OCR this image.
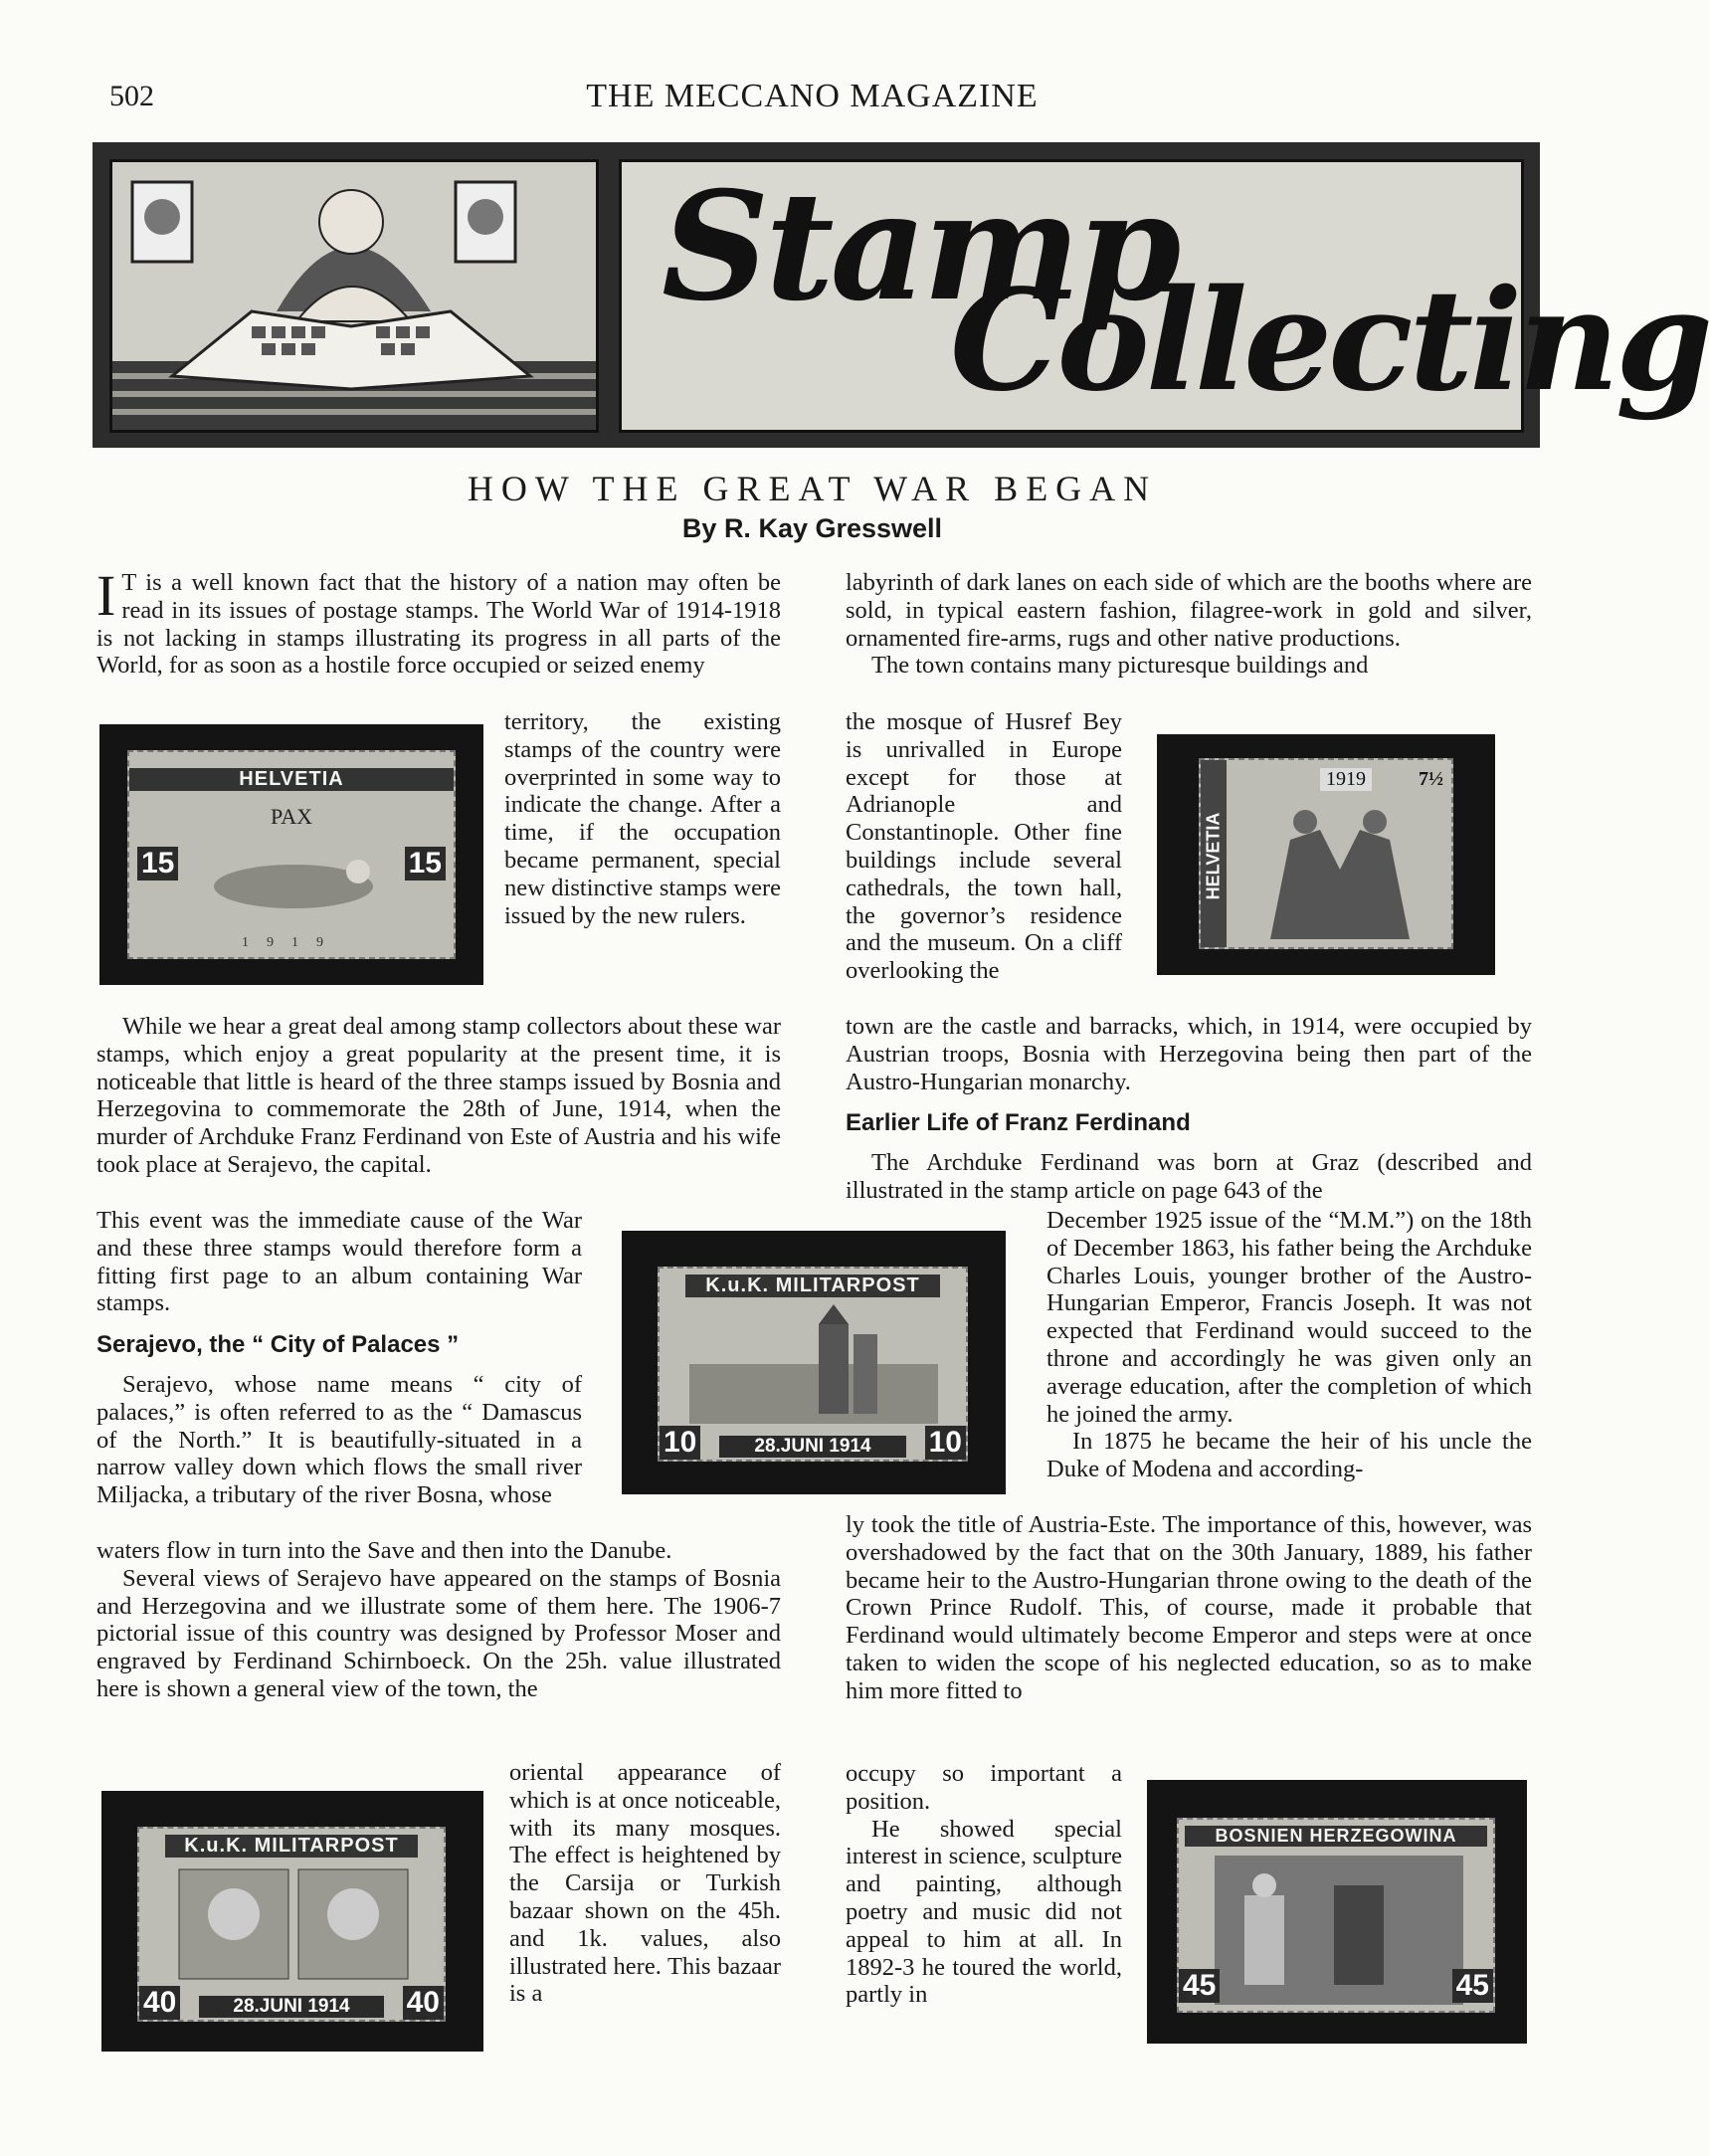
502	THE MECCANO MAGAZINE
Stamp
Collecting
HOW THE GREAT WAR BEGAN
By R. Kay Gresswell

I T is a well known fact that the history of a nation may often be read in its issues of postage stamps. The World War of 1914-1918 is not lacking in stamps illustrating its progress in all parts of the World, for as soon as a hostile force occupied or seized enemy

territory, the existing stamps of the country were overprinted in some way to indicate the change. After a time, if the occupation became permanent, special new distinctive stamps were issued by the new rulers.

While we hear a great deal among stamp collectors about these war stamps, which enjoy a great popularity at the present time, it is noticeable that little is heard of the three stamps issued by Bosnia and Herzegovina to commemorate the 28th of June, 1914, when the murder of Archduke Franz Ferdinand von Este of Austria and his wife took place at Serajevo, the capital.

This event was the immediate cause of the War and these three stamps would therefore form a fitting first page to an album containing War stamps.

Serajevo, the “ City of Palaces ”

Serajevo, whose name means “ city of palaces,” is often referred to as the “ Damascus of the North.” It is beautifully-situated in a narrow valley down which flows the small river Miljacka, a tributary of the river Bosna, whose

waters flow in turn into the Save and then into the Danube.

Several views of Serajevo have appeared on the stamps of Bosnia and Herzegovina and we illustrate some of them here. The 1906-7 pictorial issue of this country was designed by Professor Moser and engraved by Ferdinand Schirnboeck. On the 25h. value illustrated here is shown a general view of the town, the

oriental appearance of which is at once noticeable, with its many mosques. The effect is heightened by the Carsija or Turkish bazaar shown on the 45h. and 1k. values, also illustrated here. This bazaar is a

labyrinth of dark lanes on each side of which are the booths where are sold, in typical eastern fashion, filagree-work in gold and silver, ornamented fire-arms, rugs and other native productions.

The town contains many picturesque buildings and

the mosque of Husref Bey is unrivalled in Europe except for those at Adrianople and Constantinople. Other fine buildings include several cathedrals, the town hall, the governor’s residence and the museum. On a cliff overlooking the

town are the castle and barracks, which, in 1914, were occupied by Austrian troops, Bosnia with Herzegovina being then part of the Austro-Hungarian monarchy.

Earlier Life of Franz Ferdinand

The Archduke Ferdinand was born at Graz (described and illustrated in the stamp article on page 643 of the

December 1925 issue of the “M.M.”) on the 18th of December 1863, his father being the Archduke Charles Louis, younger brother of the Austro-Hungarian Emperor, Francis Joseph. It was not expected that Ferdinand would succeed to the throne and accordingly he was given only an average education, after the completion of which he joined the army.

In 1875 he became the heir of his uncle the Duke of Modena and according-

ly took the title of Austria-Este. The importance of this, however, was overshadowed by the fact that on the 30th January, 1889, his father became heir to the Austro-Hungarian throne owing to the death of the Crown Prince Rudolf. This, of course, made it probable that Ferdinand would ultimately become Emperor and steps were at once taken to widen the scope of his neglected education, so as to make him more fitted to

occupy so important a position.

He showed special interest in science, sculpture and painting, although poetry and music did not appeal to him at all. In 1892-3 he toured the world, partly in

HELVETIA
PAX
15	15
1919
HELVETIA
1919	7½
K.u.K. MILITARPOST
10	10
28.JUNI 1914
K.u.K. MILITARPOST
40	40
28.JUNI 1914
BOSNIEN HERZEGOWINA
45	45
